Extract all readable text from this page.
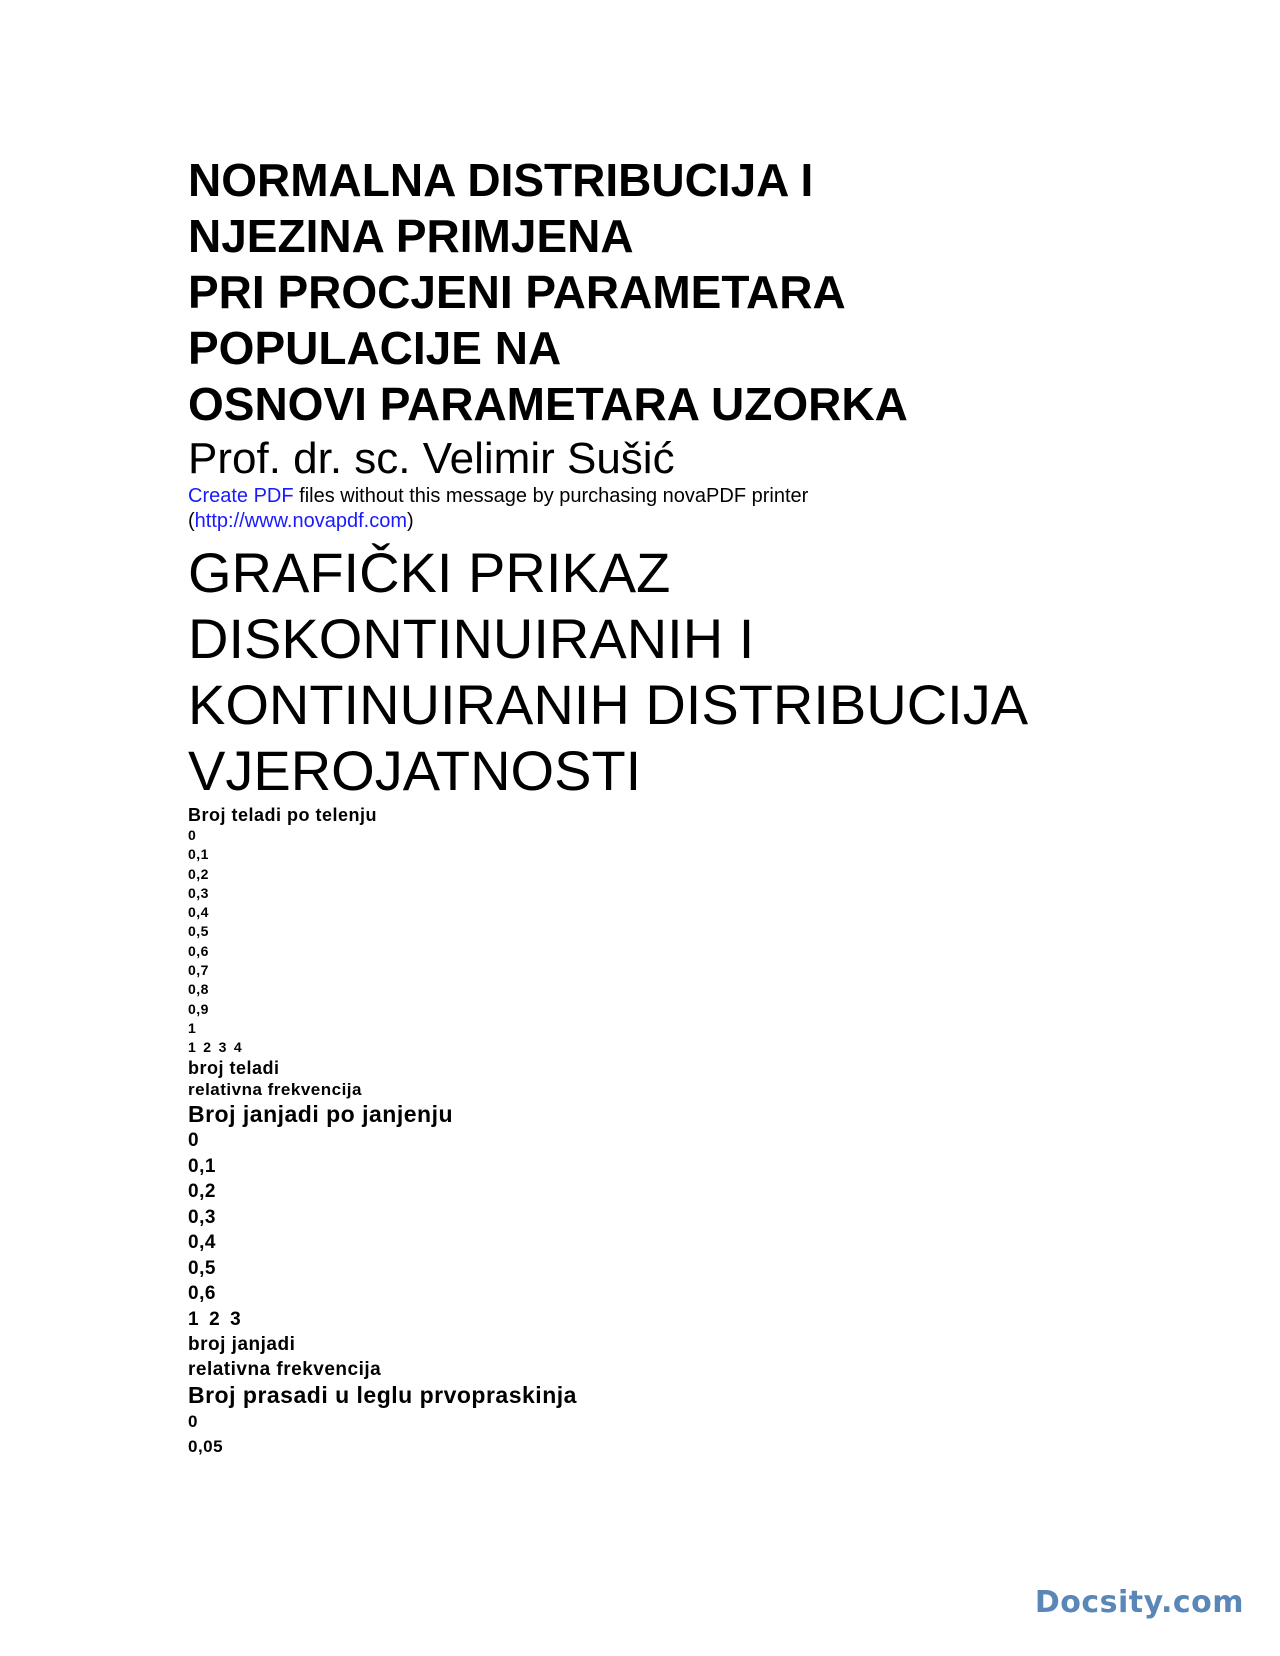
NORMALNA DISTRIBUCIJA I
NJEZINA PRIMJENA
PRI PROCJENI PARAMETARA
POPULACIJE NA
OSNOVI PARAMETARA UZORKA
Prof. dr. sc. Velimir Sušić
Create PDF files without this message by purchasing novaPDF printer
(http://www.novapdf.com)
GRAFIČKI PRIKAZ
DISKONTINUIRANIH I
KONTINUIRANIH DISTRIBUCIJA
VJEROJATNOSTI
Broj teladi po telenju
0
0,1
0,2
0,3
0,4
0,5
0,6
0,7
0,8
0,9
1
1 2 3 4
broj teladi
relativna frekvencija
Broj janjadi po janjenju
0
0,1
0,2
0,3
0,4
0,5
0,6
1 2 3
broj janjadi
relativna frekvencija
Broj prasadi u leglu prvopraskinja
0
0,05
Docsity.com
